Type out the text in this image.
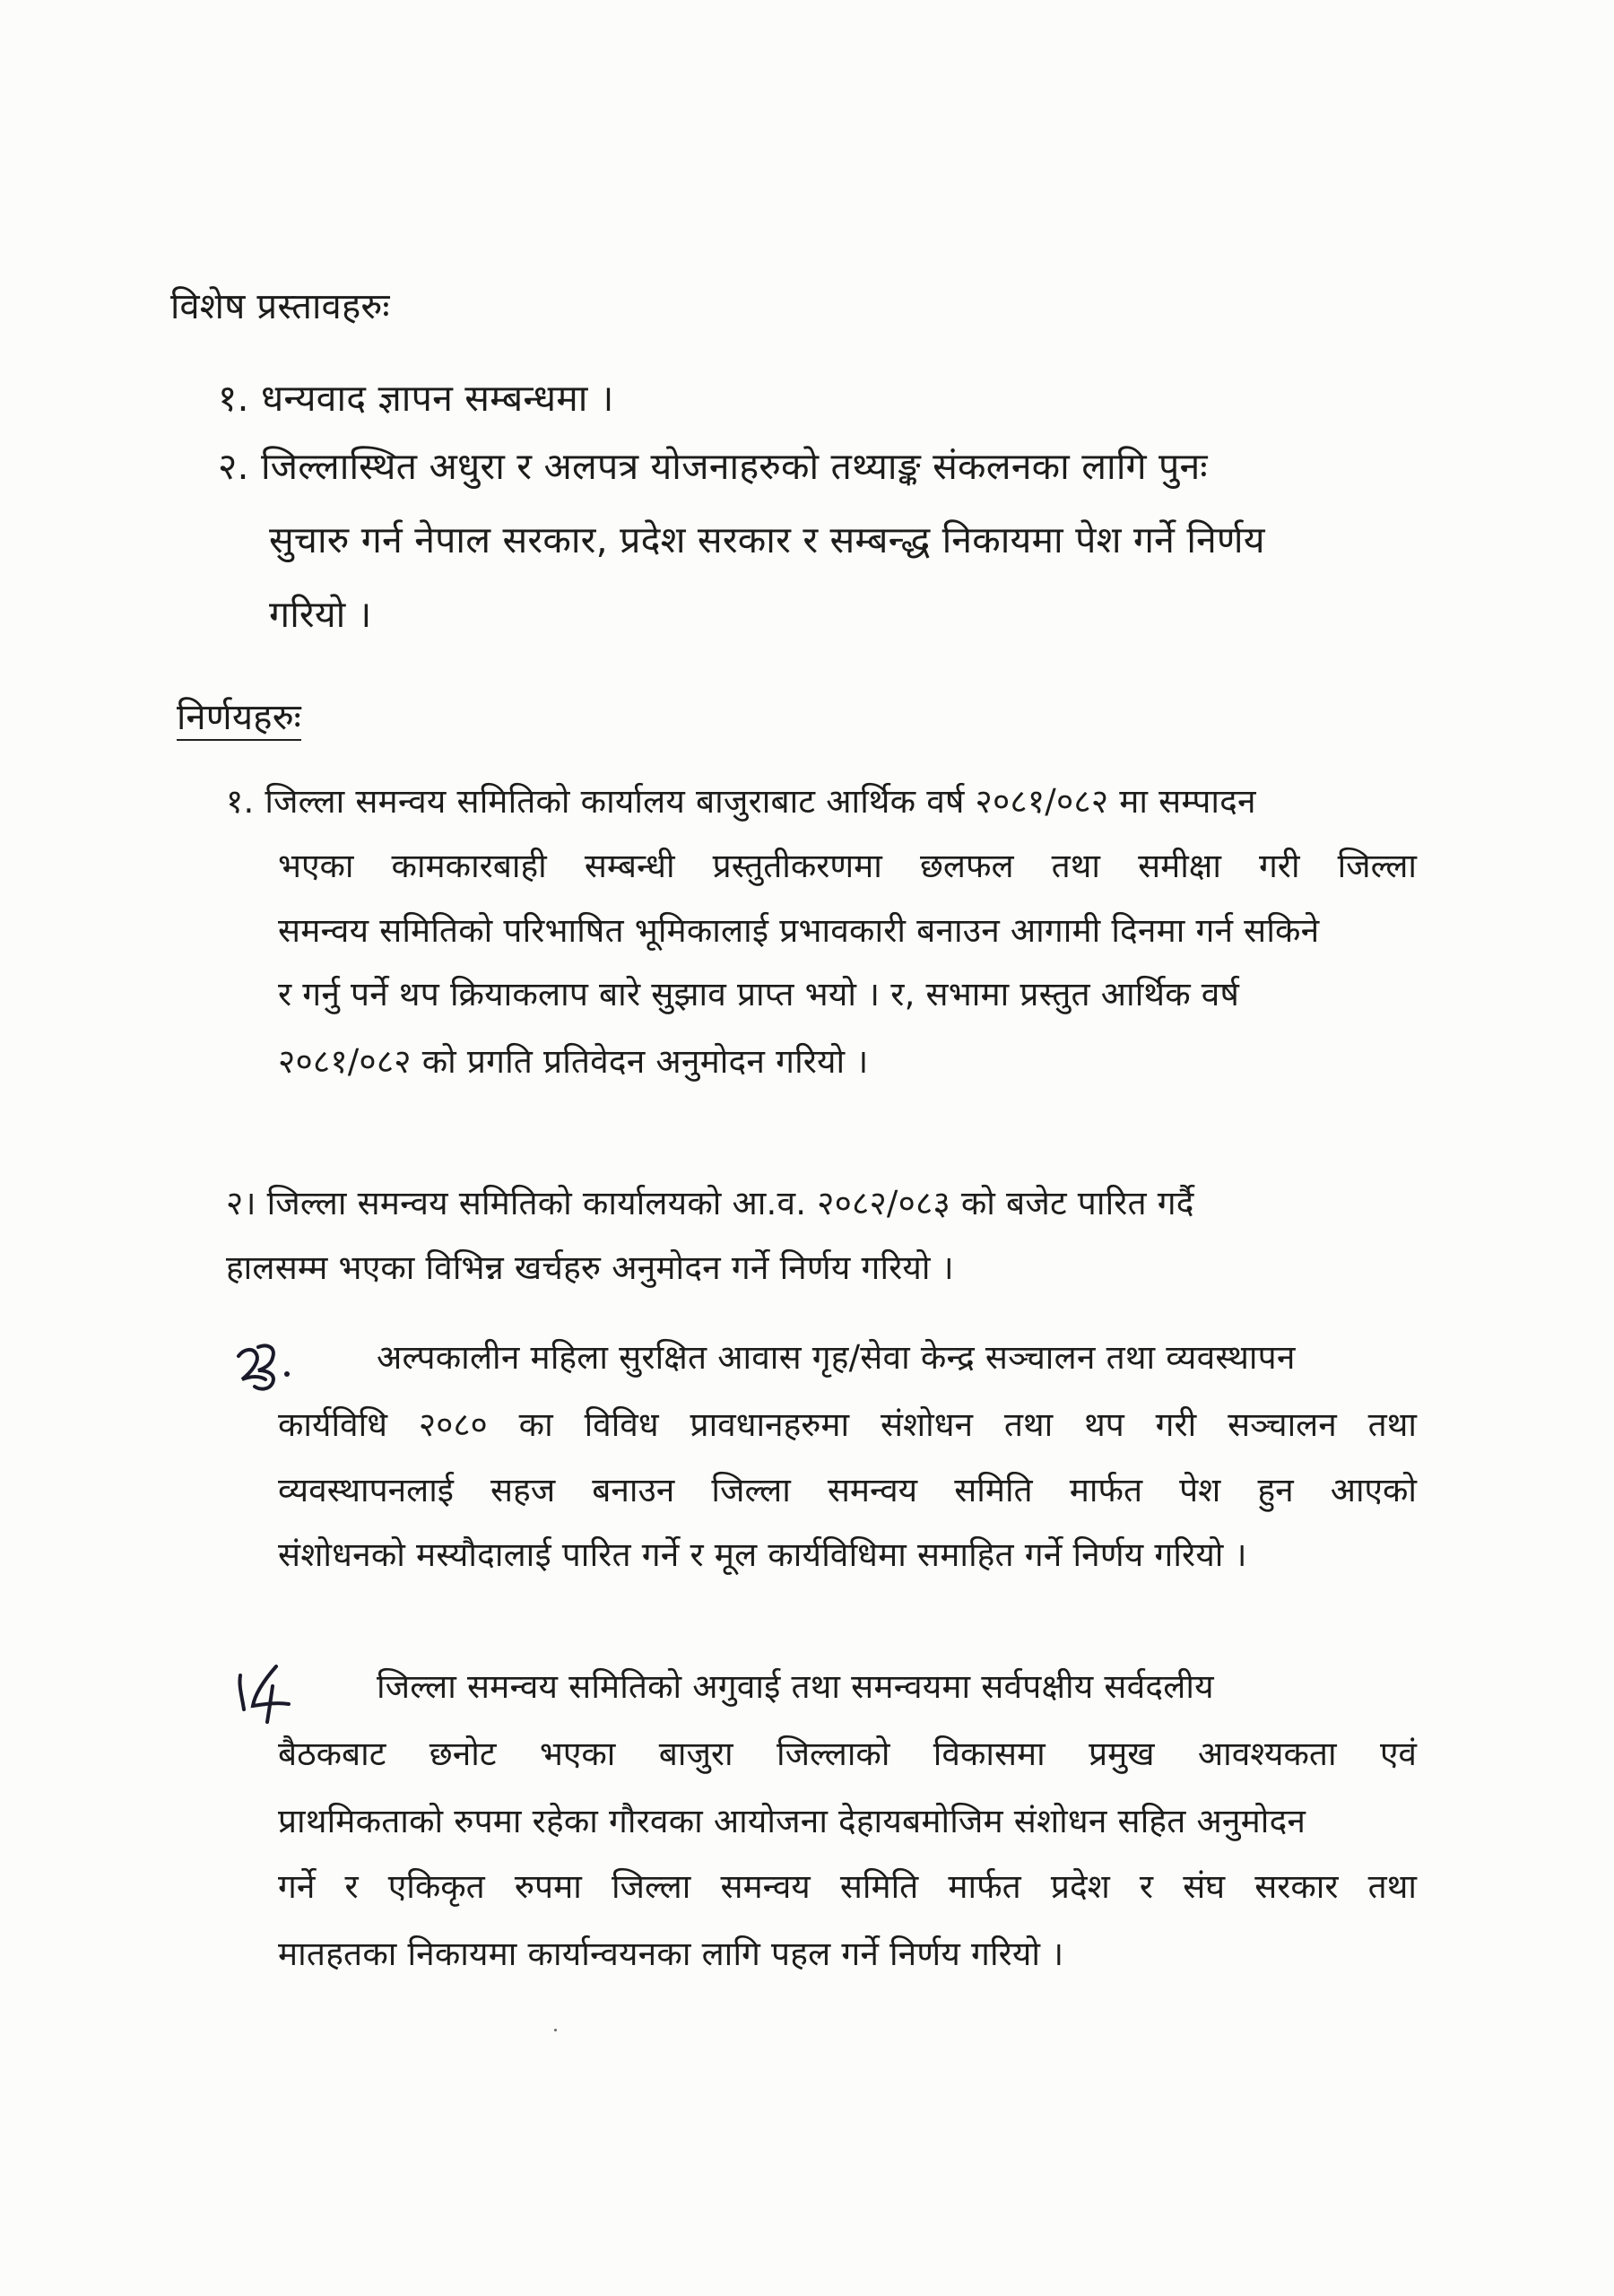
विशेष प्रस्तावहरुः
१. धन्यवाद ज्ञापन सम्बन्धमा ।
२. जिल्लास्थित अधुरा र अलपत्र योजनाहरुको तथ्याङ्क संकलनका लागि पुनः
सुचारु गर्न नेपाल सरकार, प्रदेश सरकार र सम्बन्द्ध निकायमा पेश गर्ने निर्णय
गरियो ।
निर्णयहरुः
१. जिल्ला समन्वय समितिको कार्यालय बाजुराबाट आर्थिक वर्ष २०८१/०८२ मा सम्पादन
भएका कामकारबाही सम्बन्धी प्रस्तुतीकरणमा छलफल तथा समीक्षा गरी जिल्ला
समन्वय समितिको परिभाषित भूमिकालाई प्रभावकारी बनाउन आगामी दिनमा गर्न सकिने
र गर्नु पर्ने थप क्रियाकलाप बारे सुझाव प्राप्त भयो । र, सभामा प्रस्तुत आर्थिक वर्ष
२०८१/०८२ को प्रगति प्रतिवेदन अनुमोदन गरियो ।
२। जिल्ला समन्वय समितिको कार्यालयको आ.व. २०८२/०८३ को बजेट पारित गर्दै
हालसम्म भएका विभिन्न खर्चहरु अनुमोदन गर्ने निर्णय गरियो ।
अल्पकालीन महिला सुरक्षित आवास गृह/सेवा केन्द्र सञ्चालन तथा व्यवस्थापन
कार्यविधि २०८० का विविध प्रावधानहरुमा संशोधन तथा थप गरी सञ्चालन तथा
व्यवस्थापनलाई सहज बनाउन जिल्ला समन्वय समिति मार्फत पेश हुन आएको
संशोधनको मस्यौदालाई पारित गर्ने र मूल कार्यविधिमा समाहित गर्ने निर्णय गरियो ।
जिल्ला समन्वय समितिको अगुवाई तथा समन्वयमा सर्वपक्षीय सर्वदलीय
बैठकबाट छनोट भएका बाजुरा जिल्लाको विकासमा प्रमुख आवश्यकता एवं
प्राथमिकताको रुपमा रहेका गौरवका आयोजना देहायबमोजिम संशोधन सहित अनुमोदन
गर्ने र एकिकृत रुपमा जिल्ला समन्वय समिति मार्फत प्रदेश र संघ सरकार तथा
मातहतका निकायमा कार्यान्वयनका लागि पहल गर्ने निर्णय गरियो ।
